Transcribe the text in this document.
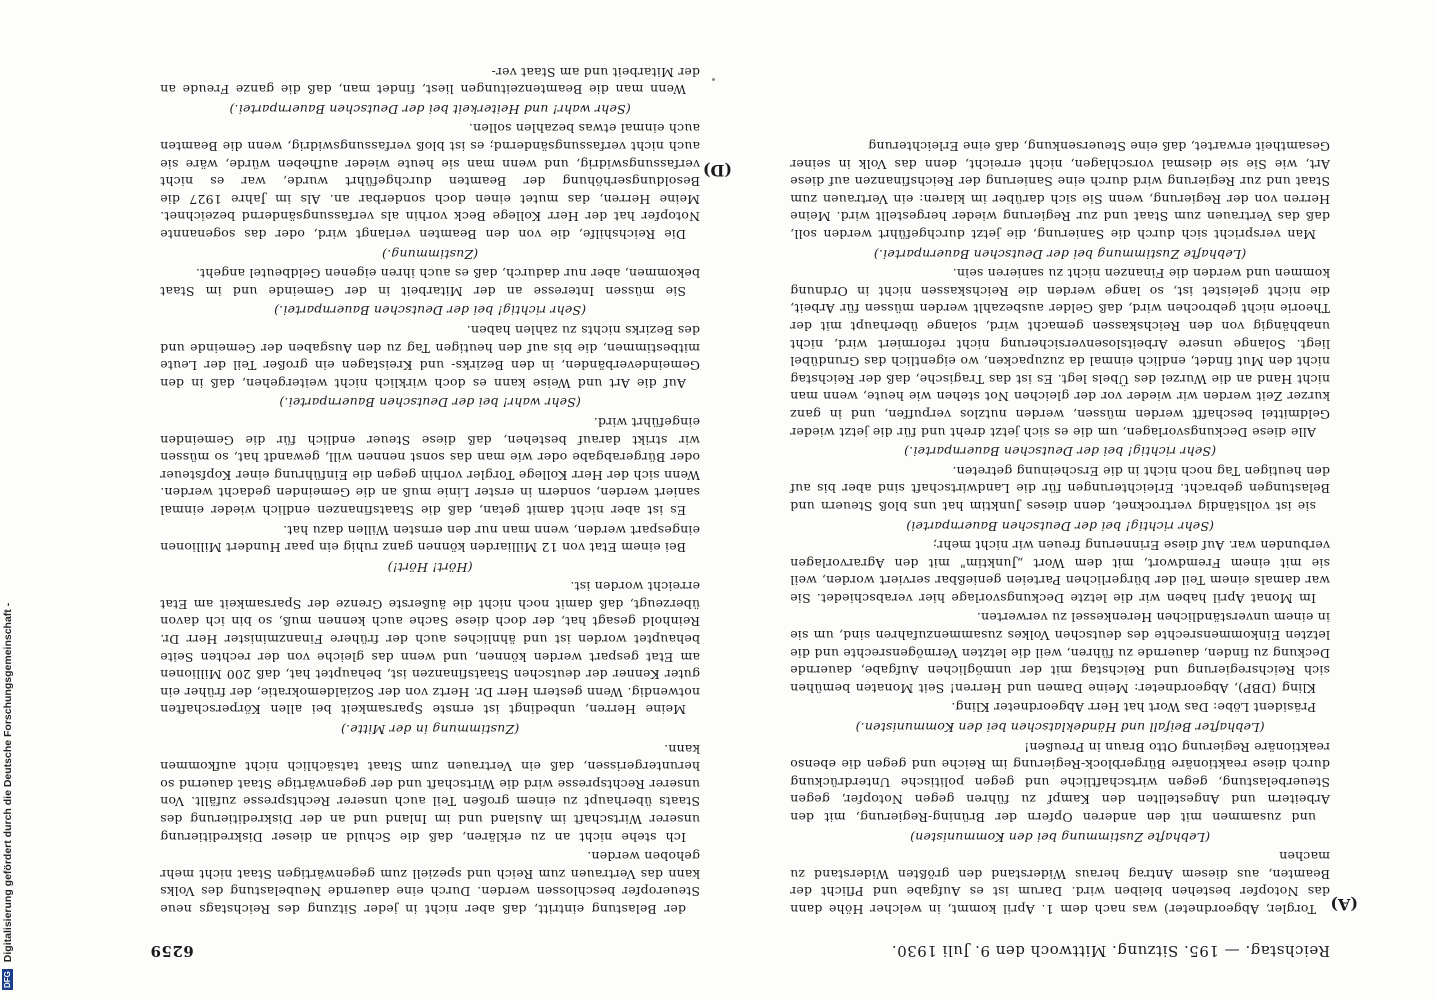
DFG Digitalisierung gefördert durch die Deutsche Forschungsgemeinschaft -	Reichstag. — 195. Sitzung. Mittwoch den 9. Juli 1930.
6259
(A)
(D)

Torgler, Abgeordneter) was nach dem 1. April kommt, in welcher Höhe dann das Notopfer bestehen bleiben wird. Darum ist es Aufgabe und Pflicht der Beamten, aus diesem Antrag heraus Widerstand den größten Widerstand zu machen

(Lebhafte Zustimmung bei den Kommunisten)

und zusammen mit den anderen Opfern der Brüning-Regierung, mit den Arbeitern und Angestellten den Kampf zu führen gegen Notopfer, gegen Steuerbelastung, gegen wirtschaftliche und gegen politische Unterdrückung durch diese reaktionäre Bürgerblock-Regierung im Reiche und gegen die ebenso reaktionäre Regierung Otto Braun in Preußen!

(Lebhafter Beifall und Händeklatschen bei den Kommunisten.)

Präsident Löbe: Das Wort hat Herr Abgeordneter Kling.

Kling (DBP), Abgeordneter: Meine Damen und Herren! Seit Monaten bemühen sich Reichsregierung und Reichstag mit der unmöglichen Aufgabe, dauernde Deckung zu finden, dauernde zu führen, weil die letzten Vermögensrechte und die letzten Einkommensrechte des deutschen Volkes zusammenzufahren sind, um sie in einem unverständlichen Herenkessel zu verwerten.

Im Monat April haben wir die letzte Deckungsvorlage hier verabschiedet. Sie war damals einem Teil der bürgerlichen Parteien genießbar serviert worden, weil sie mit einem Fremdwort, mit dem Wort „Junktim" mit den Agrarvorlagen verbunden war. Auf diese Erinnerung freuen wir nicht mehr;

(Sehr richtig! bei der Deutschen Bauernpartei)

sie ist vollständig vertrocknet, denn dieses Junktim hat uns bloß Steuern und Belastungen gebracht. Erleichterungen für die Landwirtschaft sind aber bis auf den heutigen Tag noch nicht in die Erscheinung getreten.

(Sehr richtig! bei der Deutschen Bauernpartei.)

Alle diese Deckungsvorlagen, um die es sich jetzt dreht und für die jetzt wieder Geldmittel beschafft werden müssen, werden nutzlos verpuffen, und in ganz kurzer Zeit werden wir wieder vor der gleichen Not stehen wie heute, wenn man nicht Hand an die Wurzel des Übels legt. Es ist das Tragische, daß der Reichstag nicht den Mut findet, endlich einmal da zuzupacken, wo eigentlich das Grundübel liegt. Solange unsere Arbeitslosenversicherung nicht reformiert wird, nicht unabhängig von den Reichskassen gemacht wird, solange überhaupt mit der Theorie nicht gebrochen wird, daß Gelder ausbezahlt werden müssen für Arbeit, die nicht geleistet ist, so lange werden die Reichskassen nicht in Ordnung kommen und werden die Finanzen nicht zu sanieren sein.

(Lebhafte Zustimmung bei der Deutschen Bauernpartei.)

Man verspricht sich durch die Sanierung, die jetzt durchgeführt werden soll, daß das Vertrauen zum Staat und zur Regierung wieder hergestellt wird. Meine Herren von der Regierung, wenn Sie sich darüber im klaren: ein Vertrauen zum Staat und zur Regierung wird durch eine Sanierung der Reichsfinanzen auf diese Art, wie Sie sie diesmal vorschlagen, nicht erreicht, denn das Volk in seiner Gesamtheit erwartet, daß eine Steuersenkung, daß eine Erleichterung

der Belastung eintritt, daß aber nicht in jeder Sitzung des Reichstags neue Steueropfer beschlossen werden. Durch eine dauernde Neubelastung des Volks kann das Vertrauen zum Reich und speziell zum gegenwärtigen Staat nicht mehr gehoben werden.

Ich stehe nicht an zu erklären, daß die Schuld an dieser Diskreditierung unserer Wirtschaft im Ausland und im Inland und an der Diskreditierung des Staats überhaupt zu einem großen Teil auch unserer Rechtspresse zufällt. Von unserer Rechtspresse wird die Wirtschaft und der gegenwärtige Staat dauernd so heruntergerissen, daß ein Vertrauen zum Staat tatsächlich nicht aufkommen kann.

(Zustimmung in der Mitte.)

Meine Herren, unbedingt ist ernste Sparsamkeit bei allen Körperschaften notwendig. Wenn gestern Herr Dr. Hertz von der Sozialdemokratie, der früher ein guter Kenner der deutschen Staatsfinanzen ist, behauptet hat, daß 200 Millionen am Etat gespart werden können, und wenn das gleiche von der rechten Seite behauptet worden ist und ähnliches auch der frühere Finanzminister Herr Dr. Reinhold gesagt hat, der doch diese Sache auch kennen muß, so bin ich davon überzeugt, daß damit noch nicht die äußerste Grenze der Sparsamkeit am Etat erreicht worden ist.

(Hört! Hört!)

Bei einem Etat von 12 Milliarden können ganz ruhig ein paar Hundert Millionen eingespart werden, wenn man nur den ernsten Willen dazu hat.

Es ist aber nicht damit getan, daß die Staatsfinanzen endlich wieder einmal saniert werden, sondern in erster Linie muß an die Gemeinden gedacht werden. Wenn sich der Herr Kollege Torgler vorhin gegen die Einführung einer Kopfsteuer oder Bürgerabgabe oder wie man das sonst nennen will, gewandt hat, so müssen wir strikt darauf bestehen, daß diese Steuer endlich für die Gemeinden eingeführt wird.

(Sehr wahr! bei der Deutschen Bauernpartei.)

Auf die Art und Weise kann es doch wirklich nicht weitergehen, daß in den Gemeindeverbänden, in den Bezirks- und Kreistagen ein großer Teil der Leute mitbestimmen, die bis auf den heutigen Tag zu den Ausgaben der Gemeinde und des Bezirks nichts zu zahlen haben.

(Sehr richtig! bei der Deutschen Bauernpartei.)

Sie müssen Interesse an der Mitarbeit in der Gemeinde und im Staat bekommen, aber nur dadurch, daß es auch ihren eigenen Geldbeutel angeht.

(Zustimmung.)

Die Reichshilfe, die von den Beamten verlangt wird, oder das sogenannte Notopfer hat der Herr Kollege Beck vorhin als verfassungsändernd bezeichnet. Meine Herren, das mutet einen doch sonderbar an. Als im Jahre 1927 die Besoldungserhöhung der Beamten durchgeführt wurde, war es nicht verfassungswidrig, und wenn man sie heute wieder aufheben würde, wäre sie auch nicht verfassungsändernd; es ist bloß verfassungswidrig, wenn die Beamten auch einmal etwas bezahlen sollen.

(Sehr wahr! und Heiterkeit bei der Deutschen Bauernpartei.)

Wenn man die Beamtenzeitungen liest, findet man, daß die ganze Freude an der Mitarbeit und am Staat ver-
